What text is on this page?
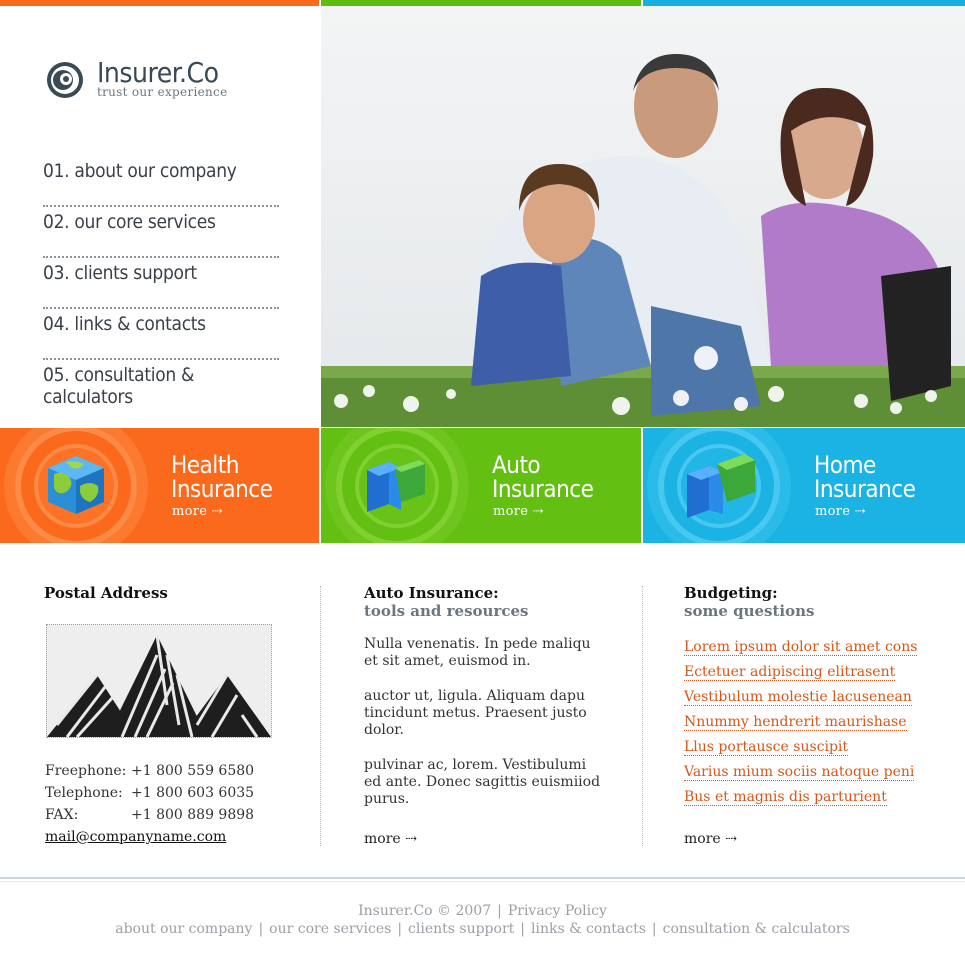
Insurer.Co
trust our experience
01. about our company
02. our core services
03. clients support
04. links & contacts
05. consultation & calculators
Health
Insurance
more ⇢
Auto
Insurance
more ⇢
Home
Insurance
more ⇢
Postal Address
Freephone: +1 800 559 6580
Telephone: +1 800 603 6035
FAX:	+1 800 889 9898
mail@companyname.com
Auto Insurance:
tools and resources

Nulla venenatis. In pede maliqu et sit amet, euismod in.

auctor ut, ligula. Aliquam dapu tincidunt metus. Praesent justo dolor.

pulvinar ac, lorem. Vestibulumi ed ante. Donec sagittis euismiiod purus.

more ⇢
Budgeting:
some questions
Lorem ipsum dolor sit amet cons
Ectetuer adipiscing elitrasent
Vestibulum molestie lacusenean
Nnummy hendrerit maurishase
Llus portausce suscipit
Varius mium sociis natoque peni
Bus et magnis dis parturient
more ⇢
Insurer.Co © 2007 | Privacy Policy
about our company | our core services | clients support | links & contacts | consultation & calculators
